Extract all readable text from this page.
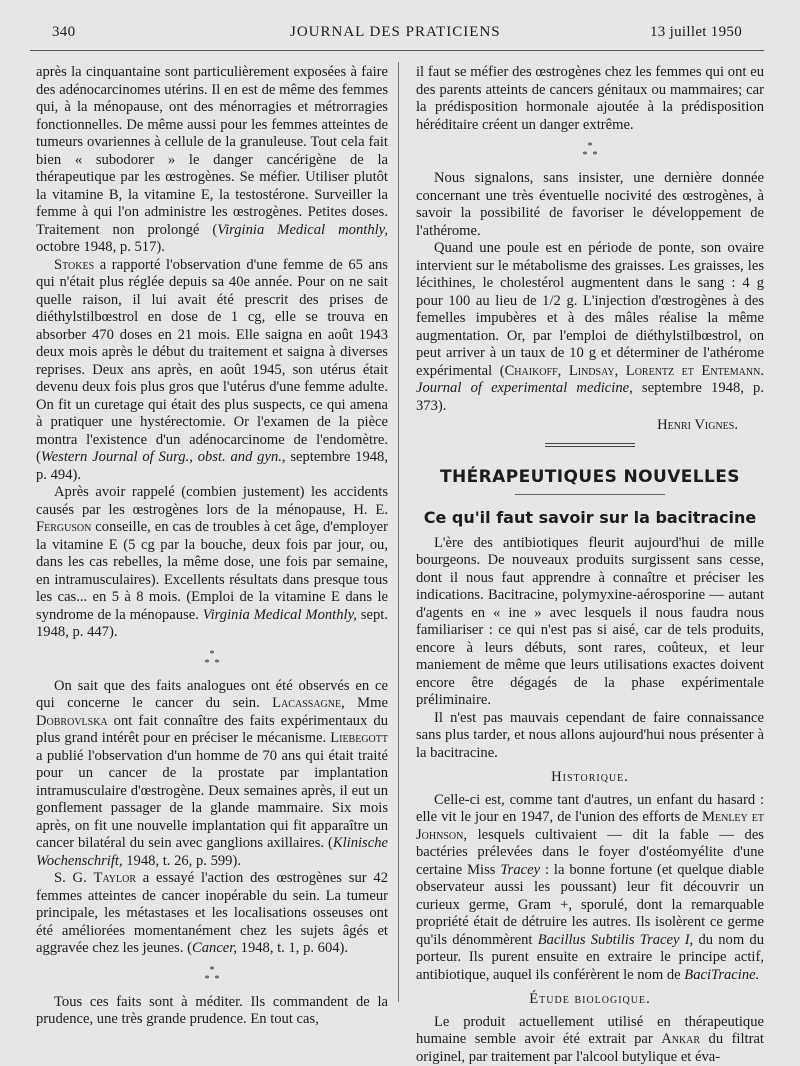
340	JOURNAL DES PRATICIENS	13 juillet 1950

après la cinquantaine sont particulièrement exposées à faire des adénocarcinomes utérins. Il en est de même des femmes qui, à la ménopause, ont des ménorragies et métrorragies fonctionnelles. De même aussi pour les femmes atteintes de tumeurs ovariennes à cellule de la granuleuse. Tout cela fait bien « subodorer » le danger cancérigène de la thérapeutique par les œstrogènes. Se méfier. Utiliser plutôt la vitamine B, la vitamine E, la testostérone. Surveiller la femme à qui l'on administre les œstrogènes. Petites doses. Traitement non prolongé (Virginia Medical monthly, octobre 1948, p. 517).

Stokes a rapporté l'observation d'une femme de 65 ans qui n'était plus réglée depuis sa 40e année. Pour on ne sait quelle raison, il lui avait été prescrit des prises de diéthylstilbœstrol en dose de 1 cg, elle se trouva en absorber 470 doses en 21 mois. Elle saigna en août 1943 deux mois après le début du traitement et saigna à diverses reprises. Deux ans après, en août 1945, son utérus était devenu deux fois plus gros que l'utérus d'une femme adulte. On fit un curetage qui était des plus suspects, ce qui amena à pratiquer une hystérectomie. Or l'examen de la pièce montra l'existence d'un adénocarcinome de l'endomètre. (Western Journal of Surg., obst. and gyn., septembre 1948, p. 494).

Après avoir rappelé (combien justement) les accidents causés par les œstrogènes lors de la ménopause, H. E. Ferguson conseille, en cas de troubles à cet âge, d'employer la vitamine E (5 cg par la bouche, deux fois par jour, ou, dans les cas rebelles, la même dose, une fois par semaine, en intramusculaires). Excellents résultats dans presque tous les cas... en 5 à 8 mois. (Emploi de la vitamine E dans le syndrome de la ménopause. Virginia Medical Monthly, sept. 1948, p. 447).

*
* *

On sait que des faits analogues ont été observés en ce qui concerne le cancer du sein. Lacassagne, Mme Dobrovlska ont fait connaître des faits expérimentaux du plus grand intérêt pour en préciser le mécanisme. Liebegott a publié l'observation d'un homme de 70 ans qui était traité pour un cancer de la prostate par implantation intramusculaire d'œstrogène. Deux semaines après, il eut un gonflement passager de la glande mammaire. Six mois après, on fit une nouvelle implantation qui fit apparaître un cancer bilatéral du sein avec ganglions axillaires. (Klinische Wochenschrift, 1948, t. 26, p. 599).

S. G. Taylor a essayé l'action des œstrogènes sur 42 femmes atteintes de cancer inopérable du sein. La tumeur principale, les métastases et les localisations osseuses ont été améliorées momentanément chez les sujets âgés et aggravée chez les jeunes. (Cancer, 1948, t. 1, p. 604).

*
* *

Tous ces faits sont à méditer. Ils commandent de la prudence, une très grande prudence. En tout cas,

il faut se méfier des œstrogènes chez les femmes qui ont eu des parents atteints de cancers génitaux ou mammaires; car la prédisposition hormonale ajoutée à la prédisposition héréditaire créent un danger extrême.

*
* *

Nous signalons, sans insister, une dernière donnée concernant une très éventuelle nocivité des œstrogènes, à savoir la possibilité de favoriser le développement de l'athérome.

Quand une poule est en période de ponte, son ovaire intervient sur le métabolisme des graisses. Les graisses, les lécithines, le cholestérol augmentent dans le sang : 4 g pour 100 au lieu de 1/2 g. L'injection d'œstrogènes à des femelles impubères et à des mâles réalise la même augmentation. Or, par l'emploi de diéthylstilbœstrol, on peut arriver à un taux de 10 g et déterminer de l'athérome expérimental (Chaikoff, Lindsay, Lorentz et Entemann. Journal of experimental medicine, septembre 1948, p. 373).

Henri Vignes.
THÉRAPEUTIQUES NOUVELLES
Ce qu'il faut savoir sur la bacitracine

L'ère des antibiotiques fleurit aujourd'hui de mille bourgeons. De nouveaux produits surgissent sans cesse, dont il nous faut apprendre à connaître et préciser les indications. Bacitracine, polymyxine-aérosporine — autant d'agents en « ine » avec lesquels il nous faudra nous familiariser : ce qui n'est pas si aisé, car de tels produits, encore à leurs débuts, sont rares, coûteux, et leur maniement de même que leurs utilisations exactes doivent encore être dégagés de la phase expérimentale préliminaire.

Il n'est pas mauvais cependant de faire connaissance sans plus tarder, et nous allons aujourd'hui nous présenter à la bacitracine.

Historique.

Celle-ci est, comme tant d'autres, un enfant du hasard : elle vit le jour en 1947, de l'union des efforts de Menley et Johnson, lesquels cultivaient — dit la fable — des bactéries prélevées dans le foyer d'ostéomyélite d'une certaine Miss Tracey : la bonne fortune (et quelque diable observateur aussi les poussant) leur fit découvrir un curieux germe, Gram +, sporulé, dont la remarquable propriété était de détruire les autres. Ils isolèrent ce germe qu'ils dénommèrent Bacillus Subtilis Tracey I, du nom du porteur. Ils purent ensuite en extraire le principe actif, antibiotique, auquel ils conférèrent le nom de BaciTracine.

Étude biologique.

Le produit actuellement utilisé en thérapeutique humaine semble avoir été extrait par Ankar du filtrat originel, par traitement par l'alcool butylique et éva-
